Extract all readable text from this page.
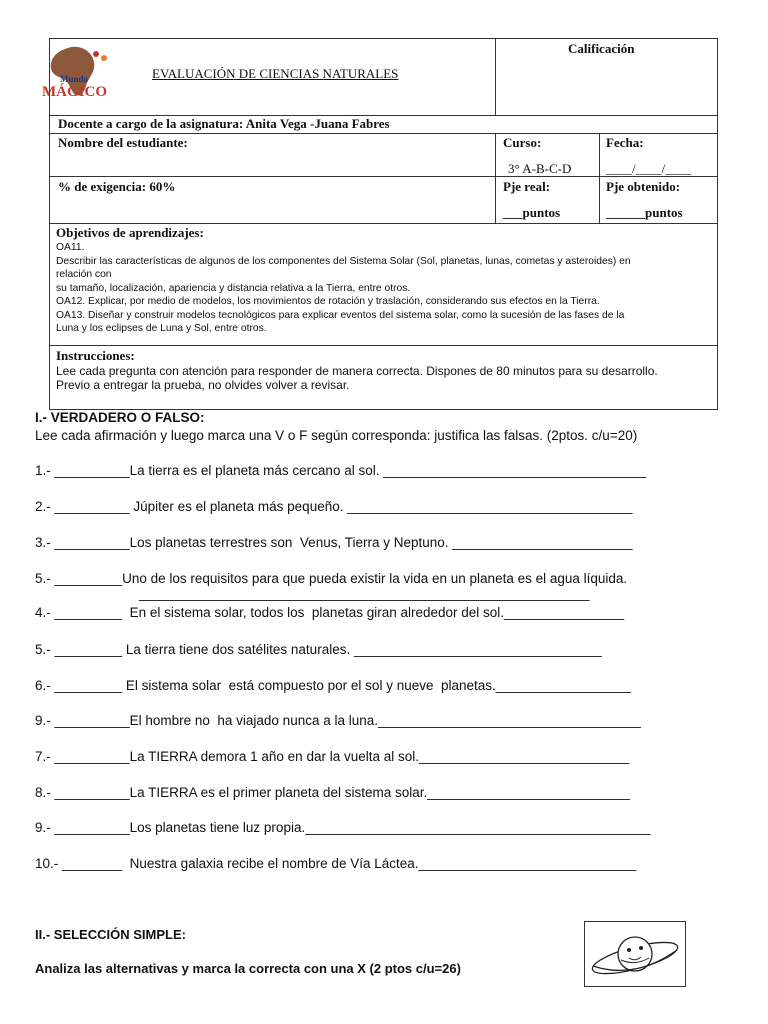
Mundo
MÁGICO
EVALUACIÓN DE CIENCIAS NATURALES
Calificación
Docente a cargo de la asignatura: Anita Vega -Juana Fabres
Nombre del estudiante:	Curso:
3° A-B-C-D
Fecha:
____/____/____
% de exigencia: 60%	Pje real:
___puntos
Pje obtenido:
______puntos
Objetivos de aprendizajes:
OA11.
Describir las características de algunos de los componentes del Sistema Solar (Sol, planetas, lunas, cometas y asteroides) en
relación con
su tamaño, localización, apariencia y distancia relativa a la Tierra, entre otros.
OA12. Explicar, por medio de modelos, los movimientos de rotación y traslación, considerando sus efectos en la Tierra.
OA13. Diseñar y construir modelos tecnológicos para explicar eventos del sistema solar, como la sucesión de las fases de la
Luna y los eclipses de Luna y Sol, entre otros.
Instrucciones:
Lee cada pregunta con atención para responder de manera correcta. Dispones de 80 minutos para su desarrollo.
Previo a entregar la prueba, no olvides volver a revisar.
I.- VERDADERO O FALSO:
Lee cada afirmación y luego marca una V o F según corresponda: justifica las falsas. (2ptos. c/u=20)
1.- __________La tierra es el planeta más cercano al sol. ___________________________________
2.- __________ Júpiter es el planeta más pequeño. ______________________________________
3.- __________Los planetas terrestres son  Venus, Tierra y Neptuno. ________________________
5.- _________Uno de los requisitos para que pueda existir la vida en un planeta es el agua líquida.
____________________________________________________________
4.- _________  En el sistema solar, todos los  planetas giran alrededor del sol.________________
5.- _________ La tierra tiene dos satélites naturales. _________________________________
6.- _________ El sistema solar  está compuesto por el sol y nueve  planetas.__________________
9.- __________El hombre no  ha viajado nunca a la luna.___________________________________
7.- __________La TIERRA demora 1 año en dar la vuelta al sol.____________________________
8.- __________La TIERRA es el primer planeta del sistema solar.___________________________
9.- __________Los planetas tiene luz propia.______________________________________________
10.- ________  Nuestra galaxia recibe el nombre de Vía Láctea._____________________________
II.- SELECCIÓN SIMPLE:
Analiza las alternativas y marca la correcta con una X (2 ptos c/u=26)
